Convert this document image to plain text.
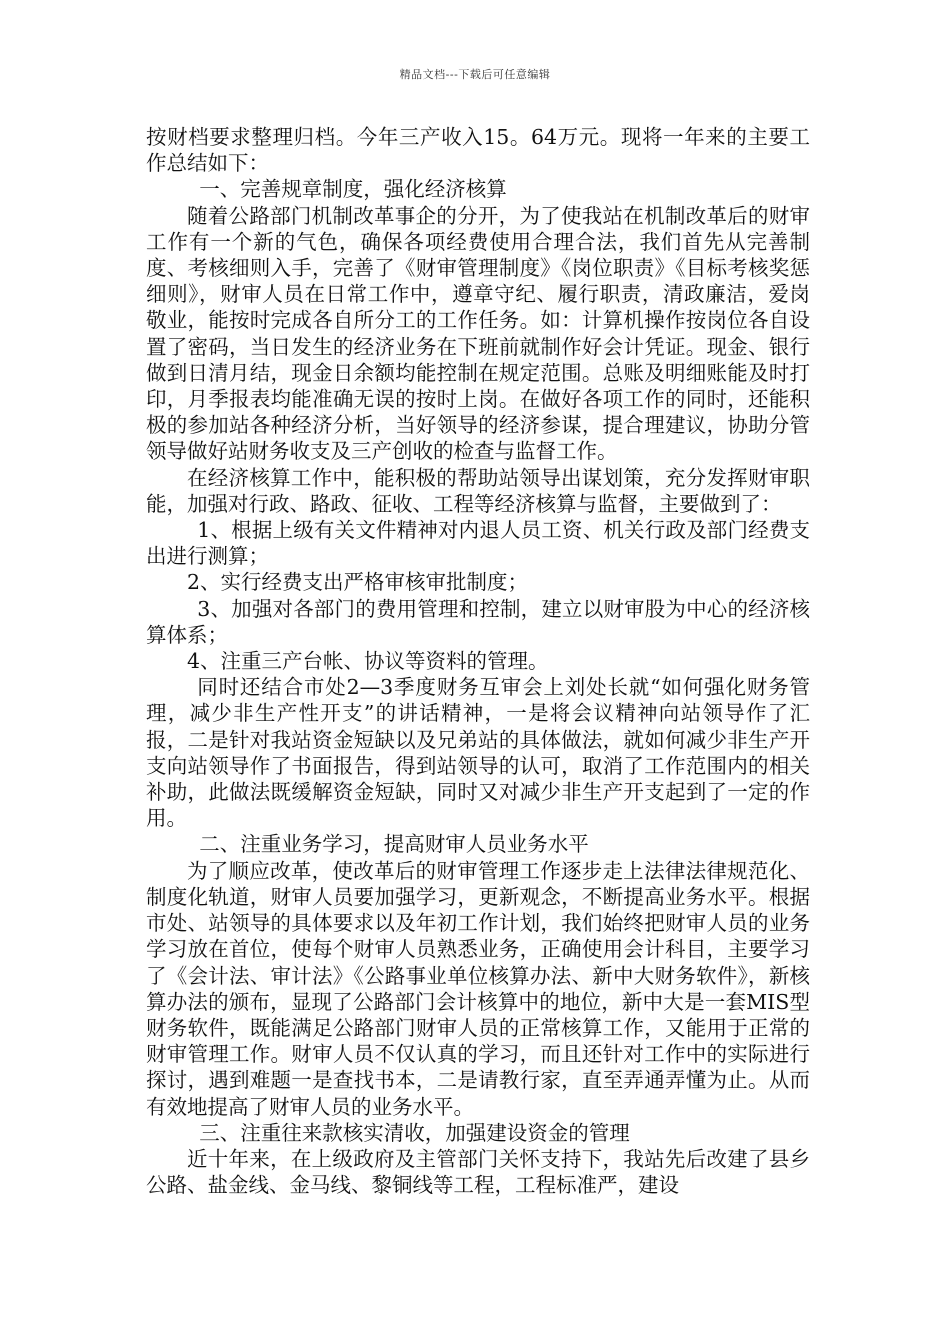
精品文档---下载后可任意编辑

按财档要求整理归档。今年三产收入15。64万元。现将一年来的主要工作总结如下：

一、完善规章制度，强化经济核算

随着公路部门机制改革事企的分开，为了使我站在机制改革后的财审工作有一个新的气色，确保各项经费使用合理合法，我们首先从完善制度、考核细则入手，完善了《财审管理制度》《岗位职责》《目标考核奖惩细则》，财审人员在日常工作中，遵章守纪、履行职责，清政廉洁，爱岗敬业，能按时完成各自所分工的工作任务。如：计算机操作按岗位各自设置了密码，当日发生的经济业务在下班前就制作好会计凭证。现金、银行做到日清月结，现金日余额均能控制在规定范围。总账及明细账能及时打印，月季报表均能准确无误的按时上岗。在做好各项工作的同时，还能积极的参加站各种经济分析，当好领导的经济参谋，提合理建议，协助分管领导做好站财务收支及三产创收的检查与监督工作。

在经济核算工作中，能积极的帮助站领导出谋划策，充分发挥财审职能，加强对行政、路政、征收、工程等经济核算与监督，主要做到了：

1、根据上级有关文件精神对内退人员工资、机关行政及部门经费支出进行测算；

2、实行经费支出严格审核审批制度；

3、加强对各部门的费用管理和控制，建立以财审股为中心的经济核算体系；

4、注重三产台帐、协议等资料的管理。

同时还结合市处2—3季度财务互审会上刘处长就“如何强化财务管理，减少非生产性开支”的讲话精神，一是将会议精神向站领导作了汇报，二是针对我站资金短缺以及兄弟站的具体做法，就如何减少非生产开支向站领导作了书面报告，得到站领导的认可，取消了工作范围内的相关补助，此做法既缓解资金短缺，同时又对减少非生产开支起到了一定的作用。

二、注重业务学习，提高财审人员业务水平

为了顺应改革，使改革后的财审管理工作逐步走上法律法律规范化、制度化轨道，财审人员要加强学习，更新观念，不断提高业务水平。根据市处、站领导的具体要求以及年初工作计划，我们始终把财审人员的业务学习放在首位，使每个财审人员熟悉业务，正确使用会计科目，主要学习了《会计法、审计法》《公路事业单位核算办法、新中大财务软件》，新核算办法的颁布，显现了公路部门会计核算中的地位，新中大是一套MIS型财务软件，既能满足公路部门财审人员的正常核算工作，又能用于正常的财审管理工作。财审人员不仅认真的学习，而且还针对工作中的实际进行探讨，遇到难题一是查找书本，二是请教行家，直至弄通弄懂为止。从而有效地提高了财审人员的业务水平。

三、注重往来款核实清收，加强建设资金的管理

近十年来，在上级政府及主管部门关怀支持下，我站先后改建了县乡公路、盐金线、金马线、黎铜线等工程，工程标准严，建设
